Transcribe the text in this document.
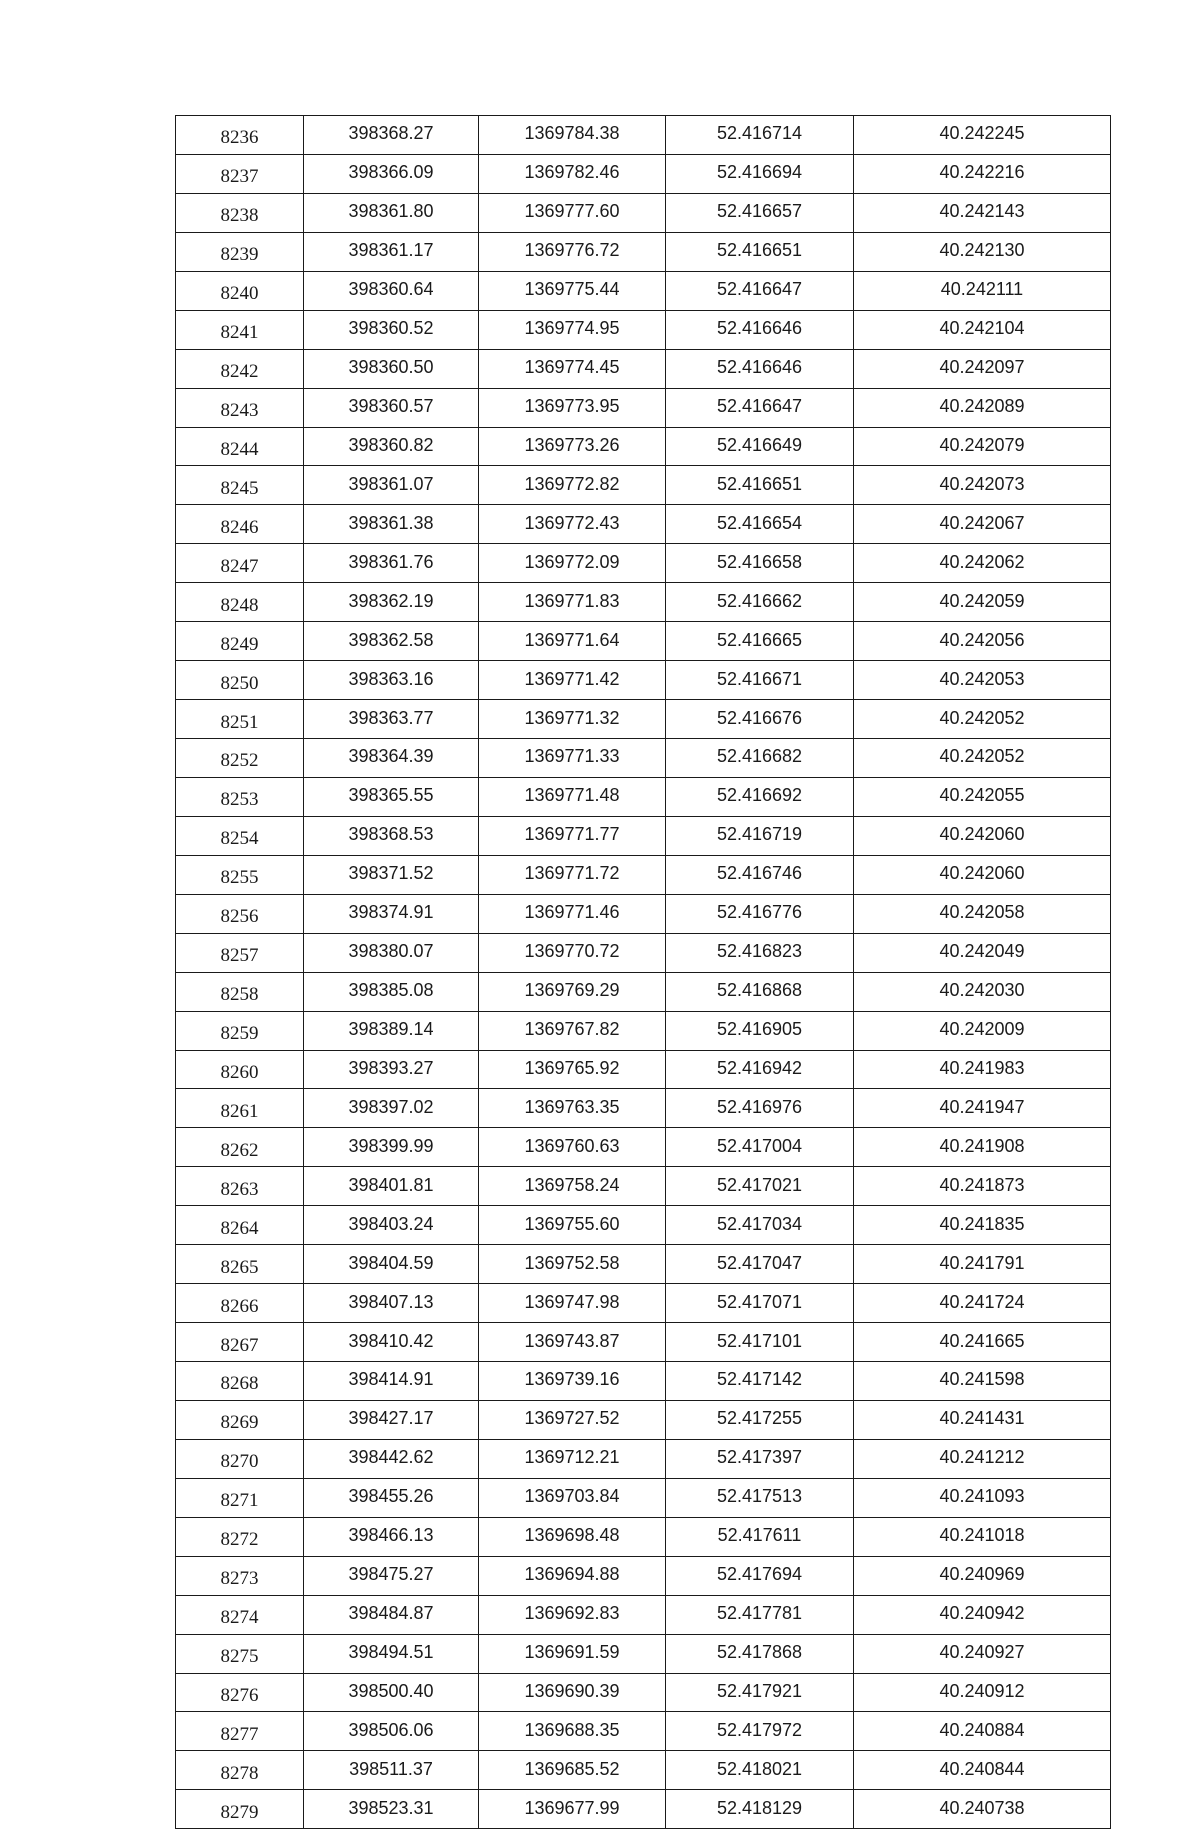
8236	398368.27	1369784.38	52.416714	40.242245
8237	398366.09	1369782.46	52.416694	40.242216
8238	398361.80	1369777.60	52.416657	40.242143
8239	398361.17	1369776.72	52.416651	40.242130
8240	398360.64	1369775.44	52.416647	40.242111
8241	398360.52	1369774.95	52.416646	40.242104
8242	398360.50	1369774.45	52.416646	40.242097
8243	398360.57	1369773.95	52.416647	40.242089
8244	398360.82	1369773.26	52.416649	40.242079
8245	398361.07	1369772.82	52.416651	40.242073
8246	398361.38	1369772.43	52.416654	40.242067
8247	398361.76	1369772.09	52.416658	40.242062
8248	398362.19	1369771.83	52.416662	40.242059
8249	398362.58	1369771.64	52.416665	40.242056
8250	398363.16	1369771.42	52.416671	40.242053
8251	398363.77	1369771.32	52.416676	40.242052
8252	398364.39	1369771.33	52.416682	40.242052
8253	398365.55	1369771.48	52.416692	40.242055
8254	398368.53	1369771.77	52.416719	40.242060
8255	398371.52	1369771.72	52.416746	40.242060
8256	398374.91	1369771.46	52.416776	40.242058
8257	398380.07	1369770.72	52.416823	40.242049
8258	398385.08	1369769.29	52.416868	40.242030
8259	398389.14	1369767.82	52.416905	40.242009
8260	398393.27	1369765.92	52.416942	40.241983
8261	398397.02	1369763.35	52.416976	40.241947
8262	398399.99	1369760.63	52.417004	40.241908
8263	398401.81	1369758.24	52.417021	40.241873
8264	398403.24	1369755.60	52.417034	40.241835
8265	398404.59	1369752.58	52.417047	40.241791
8266	398407.13	1369747.98	52.417071	40.241724
8267	398410.42	1369743.87	52.417101	40.241665
8268	398414.91	1369739.16	52.417142	40.241598
8269	398427.17	1369727.52	52.417255	40.241431
8270	398442.62	1369712.21	52.417397	40.241212
8271	398455.26	1369703.84	52.417513	40.241093
8272	398466.13	1369698.48	52.417611	40.241018
8273	398475.27	1369694.88	52.417694	40.240969
8274	398484.87	1369692.83	52.417781	40.240942
8275	398494.51	1369691.59	52.417868	40.240927
8276	398500.40	1369690.39	52.417921	40.240912
8277	398506.06	1369688.35	52.417972	40.240884
8278	398511.37	1369685.52	52.418021	40.240844
8279	398523.31	1369677.99	52.418129	40.240738
